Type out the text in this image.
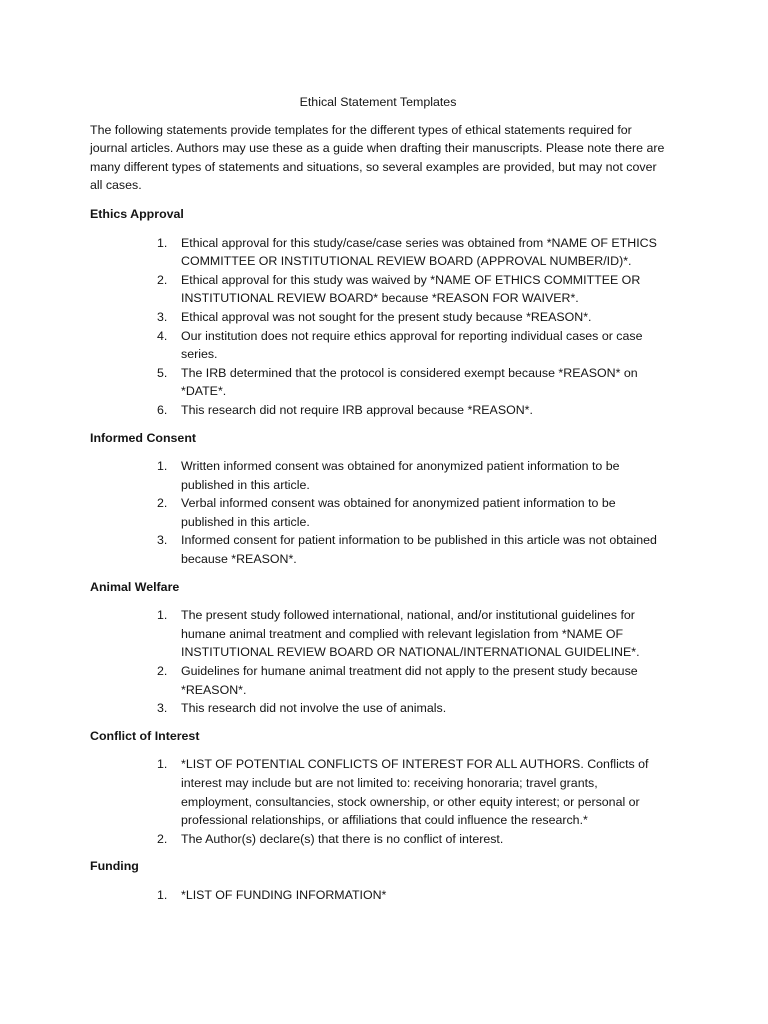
Ethical Statement Templates

The following statements provide templates for the different types of ethical statements required for journal articles. Authors may use these as a guide when drafting their manuscripts. Please note there are many different types of statements and situations, so several examples are provided, but may not cover all cases.

Ethics Approval
1. Ethical approval for this study/case/case series was obtained from *NAME OF ETHICS COMMITTEE OR INSTITUTIONAL REVIEW BOARD (APPROVAL NUMBER/ID)*.
2. Ethical approval for this study was waived by *NAME OF ETHICS COMMITTEE OR INSTITUTIONAL REVIEW BOARD* because *REASON FOR WAIVER*.
3. Ethical approval was not sought for the present study because *REASON*.
4. Our institution does not require ethics approval for reporting individual cases or case series.
5. The IRB determined that the protocol is considered exempt because *REASON* on *DATE*.
6. This research did not require IRB approval because *REASON*.
Informed Consent
1. Written informed consent was obtained for anonymized patient information to be published in this article.
2. Verbal informed consent was obtained for anonymized patient information to be published in this article.
3. Informed consent for patient information to be published in this article was not obtained because *REASON*.
Animal Welfare
1. The present study followed international, national, and/or institutional guidelines for humane animal treatment and complied with relevant legislation from *NAME OF INSTITUTIONAL REVIEW BOARD OR NATIONAL/INTERNATIONAL GUIDELINE*.
2. Guidelines for humane animal treatment did not apply to the present study because *REASON*.
3. This research did not involve the use of animals.
Conflict of Interest
1. *LIST OF POTENTIAL CONFLICTS OF INTEREST FOR ALL AUTHORS. Conflicts of interest may include but are not limited to: receiving honoraria; travel grants, employment, consultancies, stock ownership, or other equity interest; or personal or professional relationships, or affiliations that could influence the research.*
2. The Author(s) declare(s) that there is no conflict of interest.
Funding
1. *LIST OF FUNDING INFORMATION*
